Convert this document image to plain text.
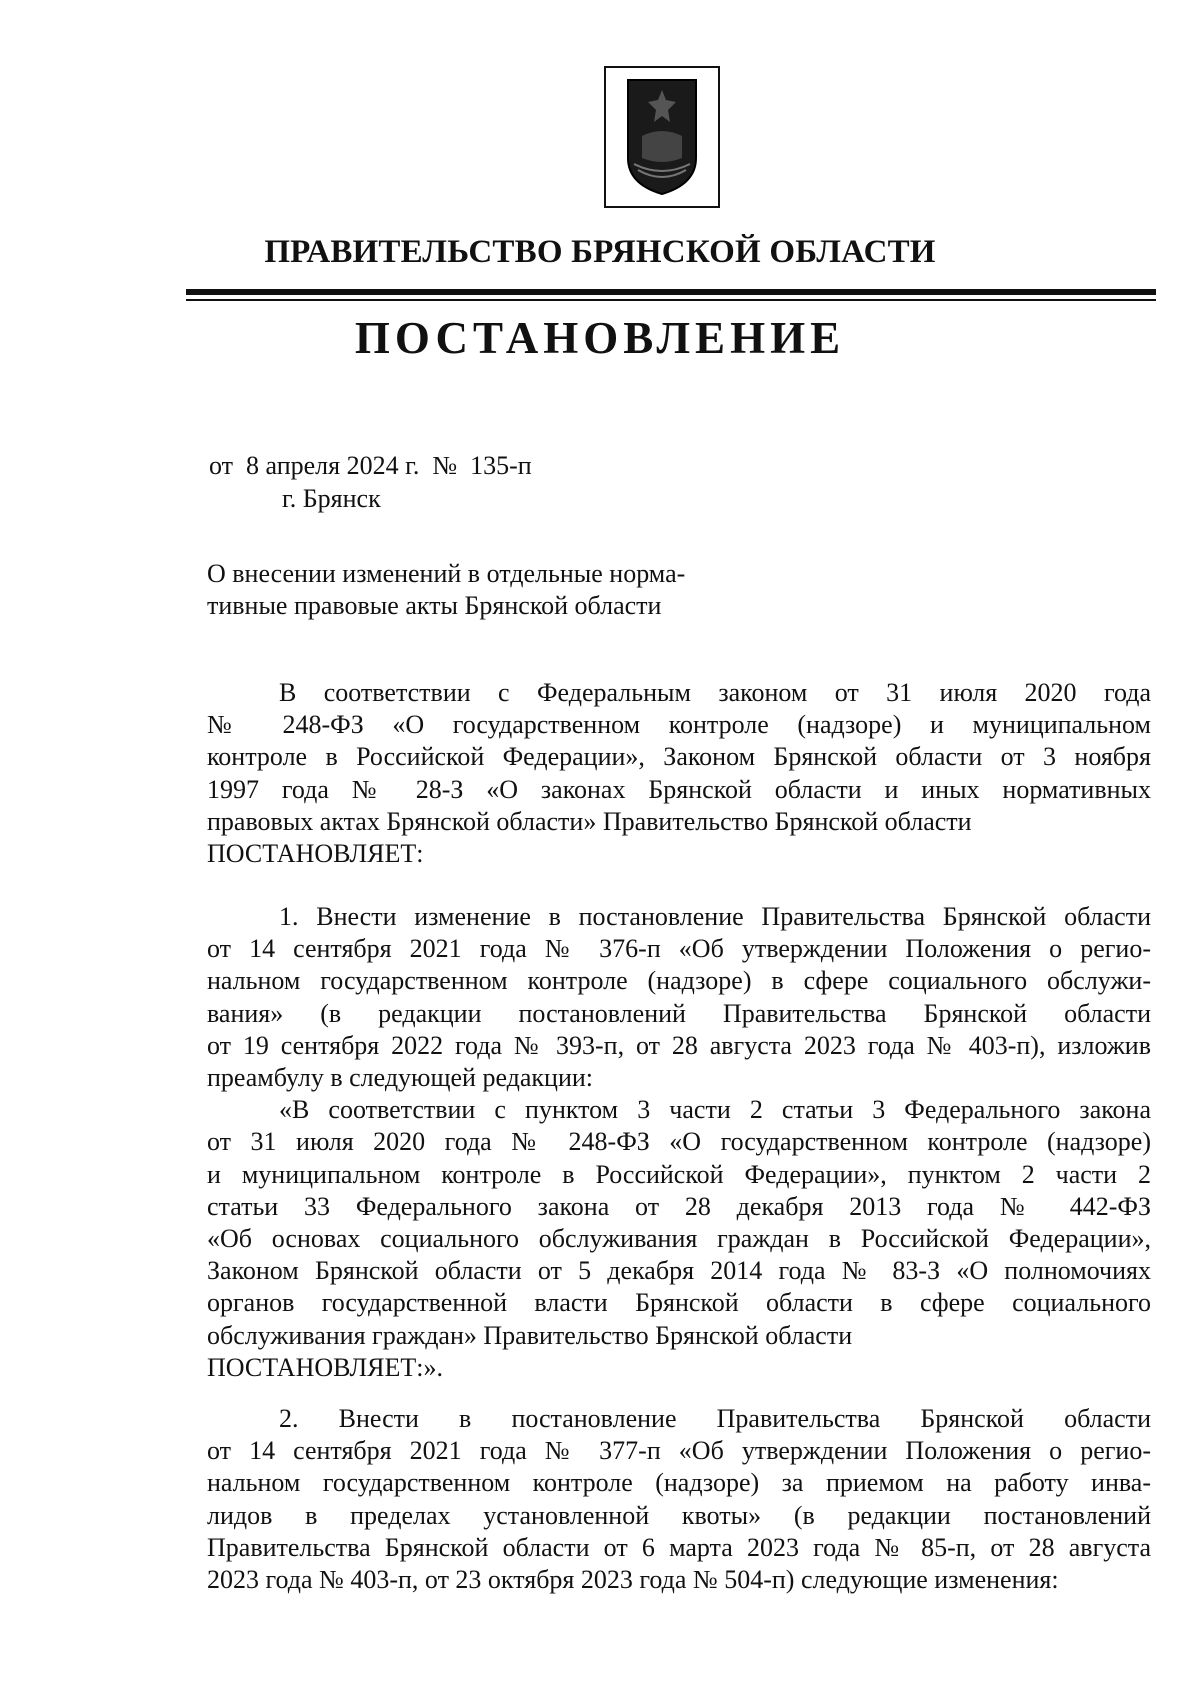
ПРАВИТЕЛЬСТВО БРЯНСКОЙ ОБЛАСТИ
ПОСТАНОВЛЕНИЕ
от  8 апреля 2024 г.  №  135-п
г. Брянск
О внесении изменений в отдельные норма-
тивные правовые акты Брянской области
В соответствии с Федеральным законом от 31 июля 2020 года
№ 248-ФЗ «О государственном контроле (надзоре) и муниципальном
контроле в Российской Федерации», Законом Брянской области от 3 ноября
1997 года № 28-З «О законах Брянской области и иных нормативных
правовых актах Брянской области» Правительство Брянской области
ПОСТАНОВЛЯЕТ:
1. Внести изменение в постановление Правительства Брянской области
от 14 сентября 2021 года № 376-п «Об утверждении Положения о регио-
нальном государственном контроле (надзоре) в сфере социального обслужи-
вания» (в редакции постановлений Правительства Брянской области
от 19 сентября 2022 года № 393-п, от 28 августа 2023 года № 403-п), изложив
преамбулу в следующей редакции:
«В соответствии с пунктом 3 части 2 статьи 3 Федерального закона
от 31 июля 2020 года № 248-ФЗ «О государственном контроле (надзоре)
и муниципальном контроле в Российской Федерации», пунктом 2 части 2
статьи 33 Федерального закона от 28 декабря 2013 года № 442-ФЗ
«Об основах социального обслуживания граждан в Российской Федерации»,
Законом Брянской области от 5 декабря 2014 года № 83-З «О полномочиях
органов государственной власти Брянской области в сфере социального
обслуживания граждан» Правительство Брянской области
ПОСТАНОВЛЯЕТ:».
2. Внести в постановление Правительства Брянской области
от 14 сентября 2021 года № 377-п «Об утверждении Положения о регио-
нальном государственном контроле (надзоре) за приемом на работу инва-
лидов в пределах установленной квоты» (в редакции постановлений
Правительства Брянской области от 6 марта 2023 года № 85-п, от 28 августа
2023 года № 403-п, от 23 октября 2023 года № 504-п) следующие изменения:
